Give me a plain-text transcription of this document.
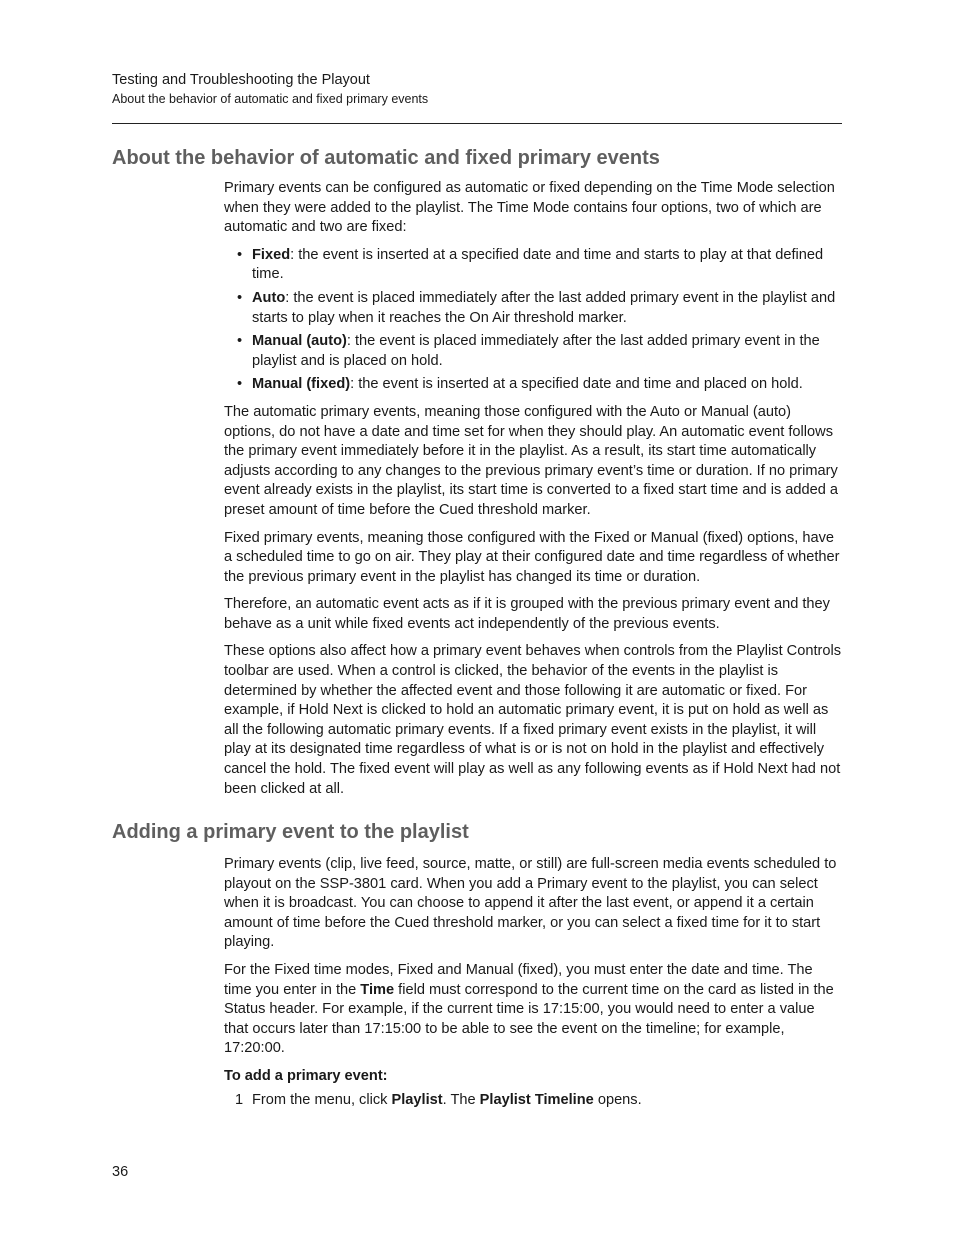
Testing and Troubleshooting the Playout
About the behavior of automatic and fixed primary events
About the behavior of automatic and fixed primary events

Primary events can be configured as automatic or fixed depending on the Time Mode selection when they were added to the playlist. The Time Mode contains four options, two of which are automatic and two are fixed:

• Fixed: the event is inserted at a specified date and time and starts to play at that defined time.
• Auto: the event is placed immediately after the last added primary event in the playlist and starts to play when it reaches the On Air threshold marker.
• Manual (auto): the event is placed immediately after the last added primary event in the playlist and is placed on hold.
• Manual (fixed): the event is inserted at a specified date and time and placed on hold.

The automatic primary events, meaning those configured with the Auto or Manual (auto) options, do not have a date and time set for when they should play. An automatic event follows the primary event immediately before it in the playlist. As a result, its start time automatically adjusts according to any changes to the previous primary event’s time or duration. If no primary event already exists in the playlist, its start time is converted to a fixed start time and is added a preset amount of time before the Cued threshold marker.

Fixed primary events, meaning those configured with the Fixed or Manual (fixed) options, have a scheduled time to go on air. They play at their configured date and time regardless of whether the previous primary event in the playlist has changed its time or duration.

Therefore, an automatic event acts as if it is grouped with the previous primary event and they behave as a unit while fixed events act independently of the previous events.

These options also affect how a primary event behaves when controls from the Playlist Controls toolbar are used. When a control is clicked, the behavior of the events in the playlist is determined by whether the affected event and those following it are automatic or fixed. For example, if Hold Next is clicked to hold an automatic primary event, it is put on hold as well as all the following automatic primary events. If a fixed primary event exists in the playlist, it will play at its designated time regardless of what is or is not on hold in the playlist and effectively cancel the hold. The fixed event will play as well as any following events as if Hold Next had not been clicked at all.

Adding a primary event to the playlist

Primary events (clip, live feed, source, matte, or still) are full-screen media events scheduled to playout on the SSP-3801 card. When you add a Primary event to the playlist, you can select when it is broadcast. You can choose to append it after the last event, or append it a certain amount of time before the Cued threshold marker, or you can select a fixed time for it to start playing.

For the Fixed time modes, Fixed and Manual (fixed), you must enter the date and time. The time you enter in the Time field must correspond to the current time on the card as listed in the Status header. For example, if the current time is 17:15:00, you would need to enter a value that occurs later than 17:15:00 to be able to see the event on the timeline; for example, 17:20:00.

To add a primary event:
1 From the menu, click Playlist. The Playlist Timeline opens.
36
